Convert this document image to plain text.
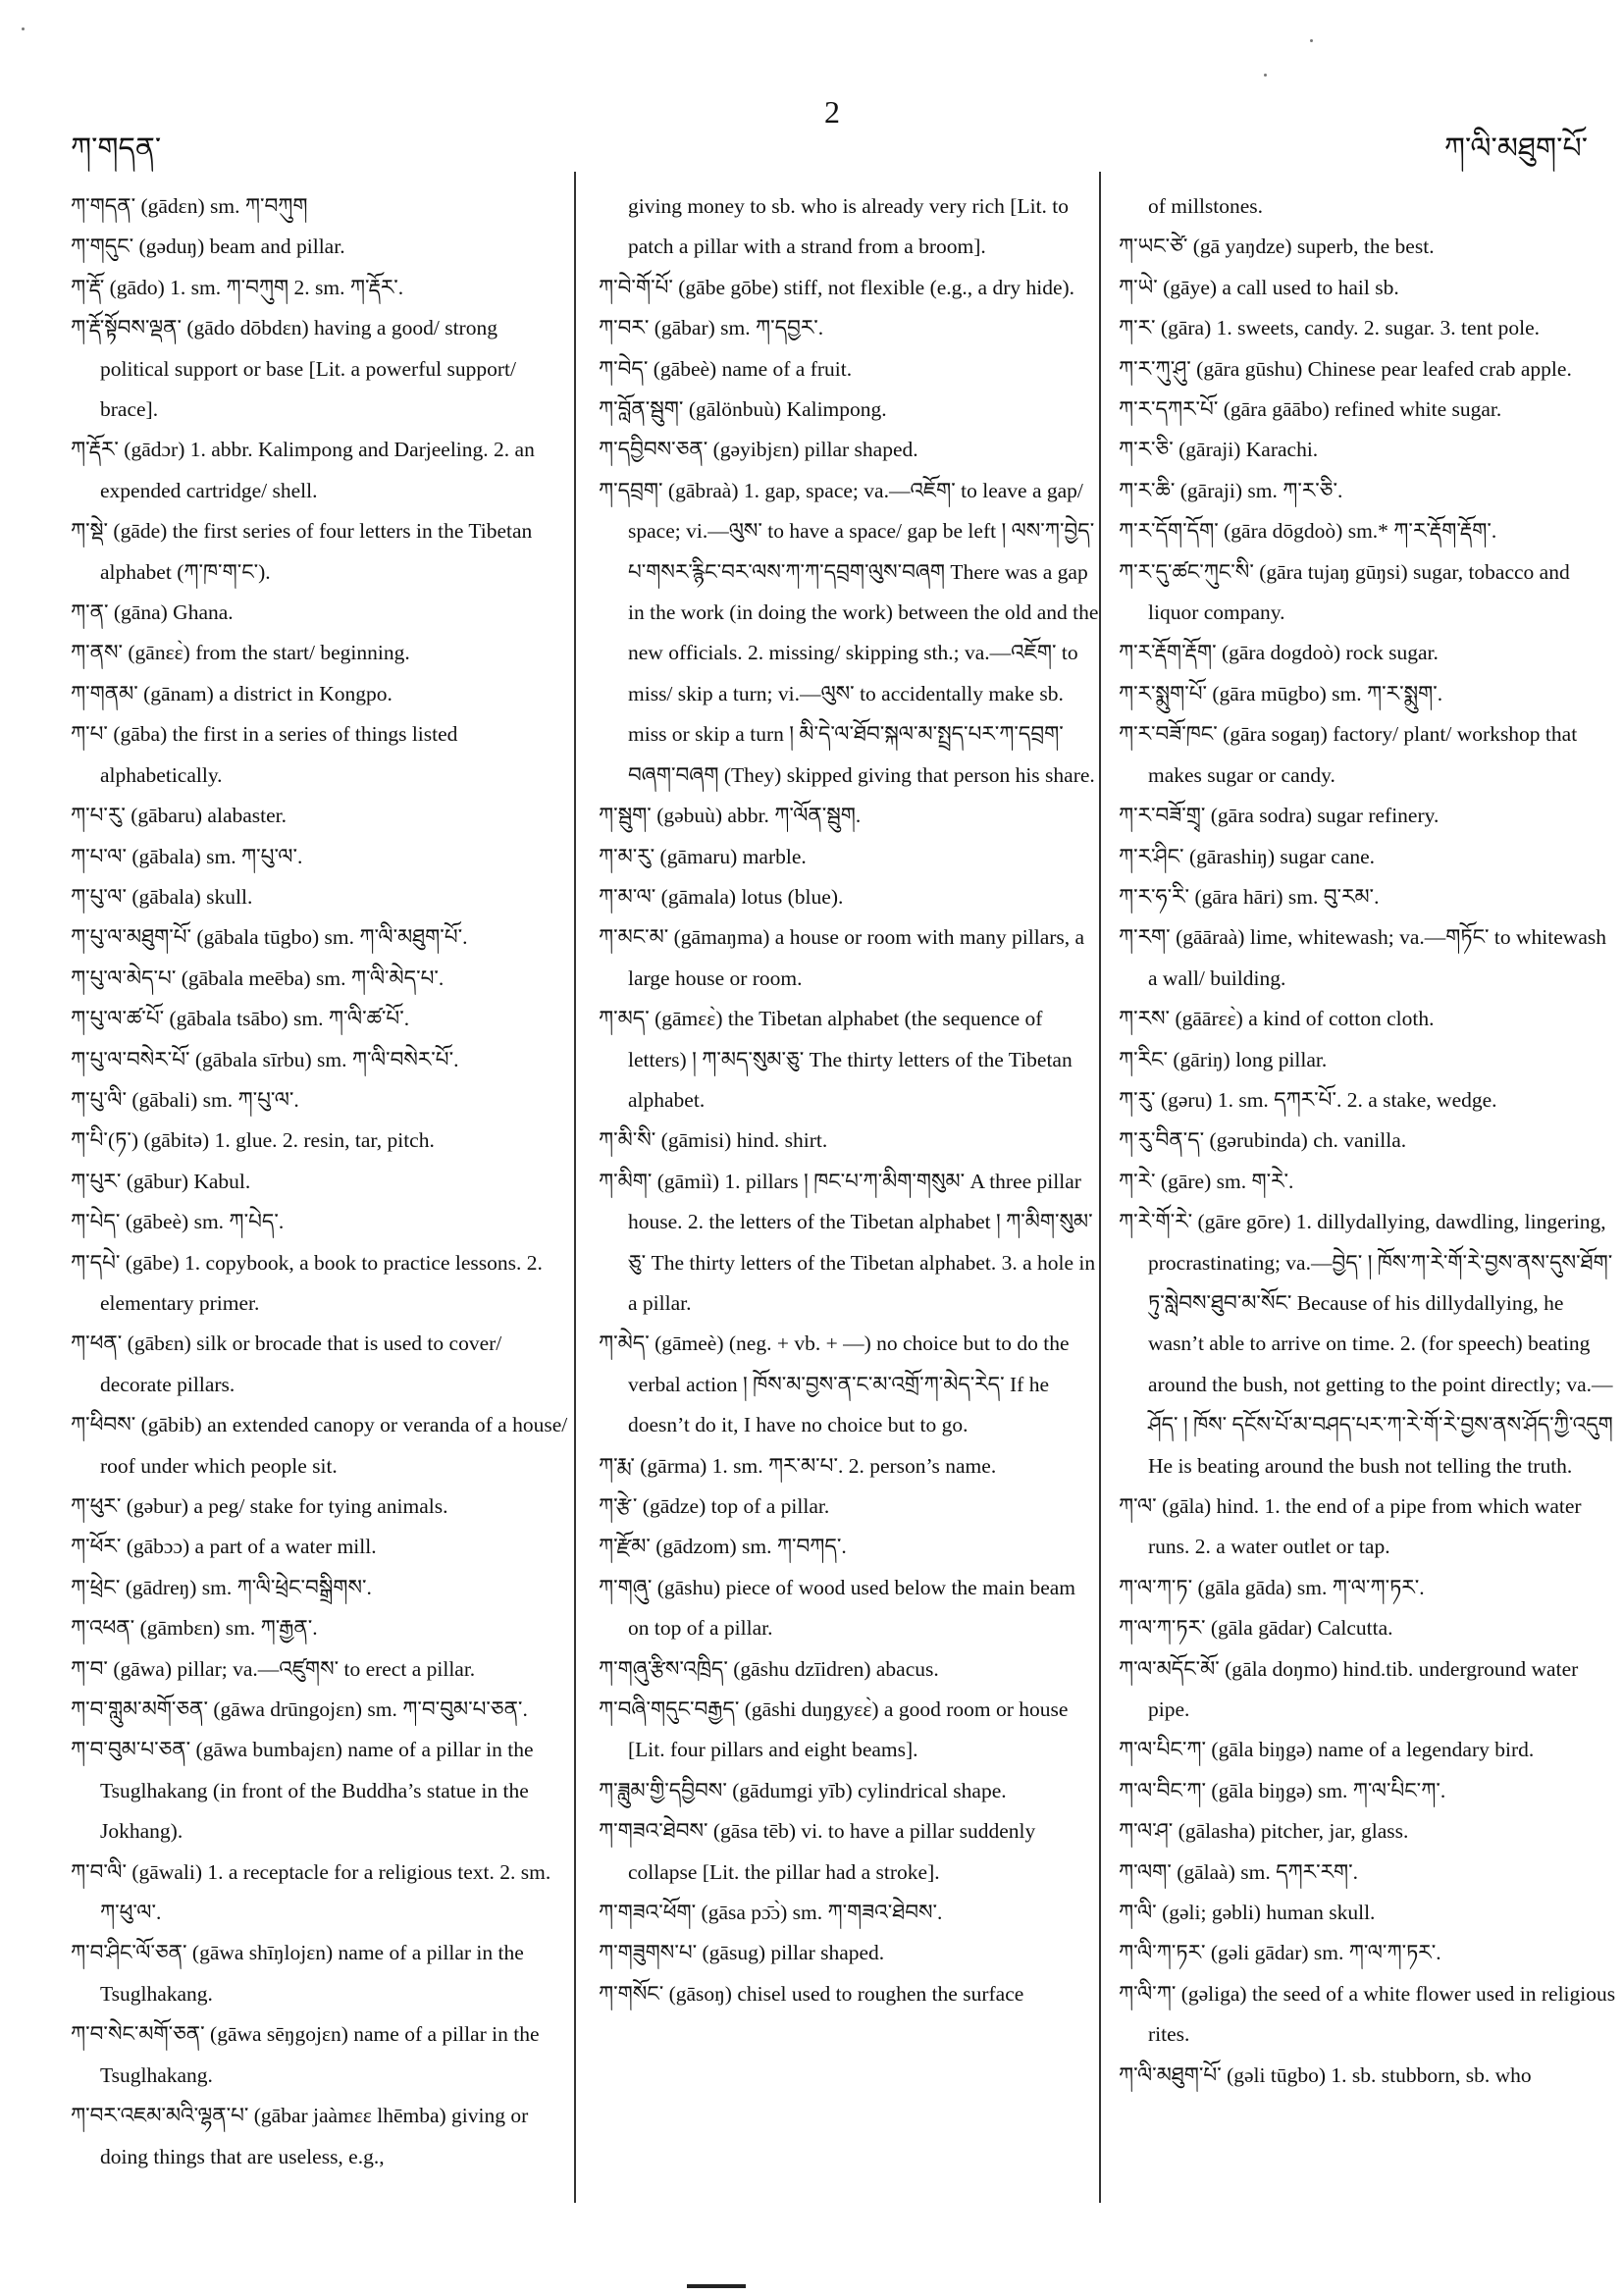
ཀ་གདན་
2
ཀ་ལི་མཐུག་པོ་
ཀ་གདན་ (gādɛn) sm. ཀ་བཀུག
ཀ་གདུང་ (gəduŋ) beam and pillar.
ཀ་རྡོ་ (gādo) 1. sm. ཀ་བཀུག 2. sm. ཀ་རྡོར་.
ཀ་རྡོ་སྟོབས་ལྡན་ (gādo dōbdɛn) having a good/ strong political support or base [Lit. a powerful support/ brace].
ཀ་རྡོར་ (gādɔr) 1. abbr. Kalimpong and Darjeeling. 2. an expended cartridge/ shell.
ཀ་སྡེ་ (gāde) the first series of four letters in the Tibetan alphabet (ཀ་ཁ་ག་ང་).
ཀ་ན་ (gāna) Ghana.
ཀ་ནས་ (gānɛɛ̀) from the start/ beginning.
ཀ་གནམ་ (gānam) a district in Kongpo.
ཀ་པ་ (gāba) the first in a series of things listed alphabetically.
ཀ་པ་རུ་ (gābaru) alabaster.
ཀ་པ་ལ་ (gābala) sm. ཀ་པུ་ལ་.
ཀ་པུ་ལ་ (gābala) skull.
ཀ་པུ་ལ་མཐུག་པོ་ (gābala tūgbo) sm. ཀ་ལི་མཐུག་པོ་.
ཀ་པུ་ལ་མེད་པ་ (gābala meēba) sm. ཀ་ལི་མེད་པ་.
ཀ་པུ་ལ་ཚ་པོ་ (gābala tsābo) sm. ཀ་ལི་ཚ་པོ་.
ཀ་པུ་ལ་བསེར་པོ་ (gābala sīrbu) sm. ཀ་ལི་བསེར་པོ་.
ཀ་པུ་ལི་ (gābali) sm. ཀ་པུ་ལ་.
ཀ་པི་(ཏ་) (gābitə) 1. glue. 2. resin, tar, pitch.
ཀ་པུར་ (gābur) Kabul.
ཀ་པེད་ (gābeè) sm. ཀ་པེད་.
ཀ་དཔེ་ (gābe) 1. copybook, a book to practice lessons. 2. elementary primer.
ཀ་ཕན་ (gābɛn) silk or brocade that is used to cover/ decorate pillars.
ཀ་ཕིབས་ (gābib) an extended canopy or veranda of a house/ roof under which people sit.
ཀ་ཕུར་ (gəbur) a peg/ stake for tying animals.
ཀ་ཕོར་ (gābɔɔ) a part of a water mill.
ཀ་ཕྲེང་ (gādreŋ) sm. ཀ་ལི་ཕྲེང་བསྒྲིགས་.
ཀ་འཕན་ (gāmbɛn) sm. ཀ་རྒྱན་.
ཀ་བ་ (gāwa) pillar; va.—འཛུགས་ to erect a pillar.
ཀ་བ་གླུམ་མགོ་ཅན་ (gāwa drūngojɛn) sm. ཀ་བ་བུམ་པ་ཅན་.
ཀ་བ་བུམ་པ་ཅན་ (gāwa bumbajɛn) name of a pillar in the Tsuglhakang (in front of the Buddha’s statue in the Jokhang).
ཀ་བ་ལི་ (gāwali) 1. a receptacle for a religious text. 2. sm. ཀ་ཕུ་ལ་.
ཀ་བ་ཤིང་ལོ་ཅན་ (gāwa shīŋlojɛn) name of a pillar in the Tsuglhakang.
ཀ་བ་སེང་མགོ་ཅན་ (gāwa sēŋgojɛn) name of a pillar in the Tsuglhakang.
ཀ་བར་འཇམ་མའི་ལྷན་པ་ (gābar jaàmɛɛ lhēmba) giving or doing things that are useless, e.g.,
giving money to sb. who is already very rich [Lit. to patch a pillar with a strand from a broom].
ཀ་བེ་གོ་པོ་ (gābe gōbe) stiff, not flexible (e.g., a dry hide).
ཀ་བར་ (gābar) sm. ཀ་དབྱར་.
ཀ་བེད་ (gābeè) name of a fruit.
ཀ་བློན་སྦུག་ (gālönbuù) Kalimpong.
ཀ་དབྱིབས་ཅན་ (gəyibjɛn) pillar shaped.
ཀ་དབྲག་ (gābraà) 1. gap, space; va.—འཇོག་ to leave a gap/ space; vi.—ལུས་ to have a space/ gap be left ། ལས་ཀ་བྱེད་པ་གསར་རྙིང་བར་ལས་ཀ་ཀ་དབྲག་ལུས་བཞག There was a gap in the work (in doing the work) between the old and the new officials. 2. missing/ skipping sth.; va.—འཇོག་ to miss/ skip a turn; vi.—ལུས་ to accidentally make sb. miss or skip a turn ། མི་དེ་ལ་ཐོབ་སྐལ་མ་སྤྲད་པར་ཀ་དབྲག་བཞག་བཞག (They) skipped giving that person his share.
ཀ་སྦུག་ (gəbuù) abbr. ཀ་ལོན་སྦུག.
ཀ་མ་རུ་ (gāmaru) marble.
ཀ་མ་ལ་ (gāmala) lotus (blue).
ཀ་མང་མ་ (gāmaŋma) a house or room with many pillars, a large house or room.
ཀ་མད་ (gāmɛɛ̀) the Tibetan alphabet (the sequence of letters) ། ཀ་མད་སུམ་ཅུ་ The thirty letters of the Tibetan alphabet.
ཀ་མི་སི་ (gāmisi) hind. shirt.
ཀ་མིག་ (gāmiì) 1. pillars ། ཁང་པ་ཀ་མིག་གསུམ་ A three pillar house. 2. the letters of the Tibetan alphabet ། ཀ་མིག་སུམ་ཅུ་ The thirty letters of the Tibetan alphabet. 3. a hole in a pillar.
ཀ་མེད་ (gāmeè) (neg. + vb. + —) no choice but to do the verbal action ། ཁོས་མ་བྱས་ན་ང་མ་འགྲོ་ཀ་མེད་རེད་ If he doesn’t do it, I have no choice but to go.
ཀ་རྨ་ (gārma) 1. sm. ཀར་མ་པ་. 2. person’s name.
ཀ་རྩེ་ (gādze) top of a pillar.
ཀ་རྫོམ་ (gādzom) sm. ཀ་བཀད་.
ཀ་གཞུ་ (gāshu) piece of wood used below the main beam on top of a pillar.
ཀ་གཞུ་རྩིས་འཁྲིད་ (gāshu dzīidren) abacus.
ཀ་བཞི་གདུང་བརྒྱད་ (gāshi duŋgyɛɛ̀) a good room or house [Lit. four pillars and eight beams].
ཀ་ཟླུམ་གྱི་དབྱིབས་ (gādumgi yīb) cylindrical shape.
ཀ་གཟའ་ཐེབས་ (gāsa tēb) vi. to have a pillar suddenly collapse [Lit. the pillar had a stroke].
ཀ་གཟའ་ཕོག་ (gāsa pɔ̄ɔ̀) sm. ཀ་གཟའ་ཐེབས་.
ཀ་གཟུགས་པ་ (gāsug) pillar shaped.
ཀ་གསོང་ (gāsoŋ) chisel used to roughen the surface
of millstones.
ཀ་ཡང་ཙེ་ (gā yaŋdze) superb, the best.
ཀ་ཡེ་ (gāye) a call used to hail sb.
ཀ་ར་ (gāra) 1. sweets, candy. 2. sugar. 3. tent pole.
ཀ་ར་ཀུ་ཤུ་ (gāra gūshu) Chinese pear leafed crab apple.
ཀ་ར་དཀར་པོ་ (gāra gāābo) refined white sugar.
ཀ་ར་ཅི་ (gāraji) Karachi.
ཀ་ར་ཆི་ (gāraji) sm. ཀ་ར་ཅི་.
ཀ་ར་དོག་དོག་ (gāra dōgdoò) sm.* ཀ་ར་རྡོག་རྡོག་.
ཀ་ར་དུ་ཚང་ཀུང་སི་ (gāra tujaŋ gūŋsi) sugar, tobacco and liquor company.
ཀ་ར་རྡོག་རྡོག་ (gāra dogdoò) rock sugar.
ཀ་ར་སྨུག་པོ་ (gāra mūgbo) sm. ཀ་ར་སྨུག་.
ཀ་ར་བཟོ་ཁང་ (gāra sogaŋ) factory/ plant/ workshop that makes sugar or candy.
ཀ་ར་བཟོ་གྲྭ་ (gāra sodra) sugar refinery.
ཀ་ར་ཤིང་ (gārashiŋ) sugar cane.
ཀ་ར་ཧ་རི་ (gāra hāri) sm. བུ་རམ་.
ཀ་རག་ (gāāraà) lime, whitewash; va.—གཏོང་ to whitewash a wall/ building.
ཀ་རས་ (gāārɛɛ̀) a kind of cotton cloth.
ཀ་རིང་ (gāriŋ) long pillar.
ཀ་རུ་ (gəru) 1. sm. དཀར་པོ་. 2. a stake, wedge.
ཀ་རུ་བིན་ད་ (gərubinda) ch. vanilla.
ཀ་རེ་ (gāre) sm. ག་རེ་.
ཀ་རེ་གོ་རེ་ (gāre gōre) 1. dillydallying, dawdling, lingering, procrastinating; va.—བྱེད་ ། ཁོས་ཀ་རེ་གོ་རེ་བྱས་ནས་དུས་ཐོག་ཏུ་སླེབས་ཐུབ་མ་སོང་ Because of his dillydallying, he wasn’t able to arrive on time. 2. (for speech) beating around the bush, not getting to the point directly; va.—ཤོད་ ། ཁོས་ དངོས་པོ་མ་བཤད་པར་ཀ་རེ་གོ་རེ་བྱས་ནས་ཤོད་ཀྱི་འདུག He is beating around the bush not telling the truth.
ཀ་ལ་ (gāla) hind. 1. the end of a pipe from which water runs. 2. a water outlet or tap.
ཀ་ལ་ཀ་ཏ་ (gāla gāda) sm. ཀ་ལ་ཀ་ཏར་.
ཀ་ལ་ཀ་ཏར་ (gāla gādar) Calcutta.
ཀ་ལ་མདོང་མོ་ (gāla doŋmo) hind.tib. underground water pipe.
ཀ་ལ་པིང་ཀ་ (gāla biŋgə) name of a legendary bird.
ཀ་ལ་བིང་ཀ་ (gāla biŋgə) sm. ཀ་ལ་པིང་ཀ་.
ཀ་ལ་ཤ་ (gālasha) pitcher, jar, glass.
ཀ་ལག་ (gālaà) sm. དཀར་རག་.
ཀ་ལི་ (gəli; gəbli) human skull.
ཀ་ལི་ཀ་ཏར་ (gəli gādar) sm. ཀ་ལ་ཀ་ཏར་.
ཀ་ལི་ཀ་ (gəliga) the seed of a white flower used in religious rites.
ཀ་ལི་མཐུག་པོ་ (gəli tūgbo) 1. sb. stubborn, sb. who
